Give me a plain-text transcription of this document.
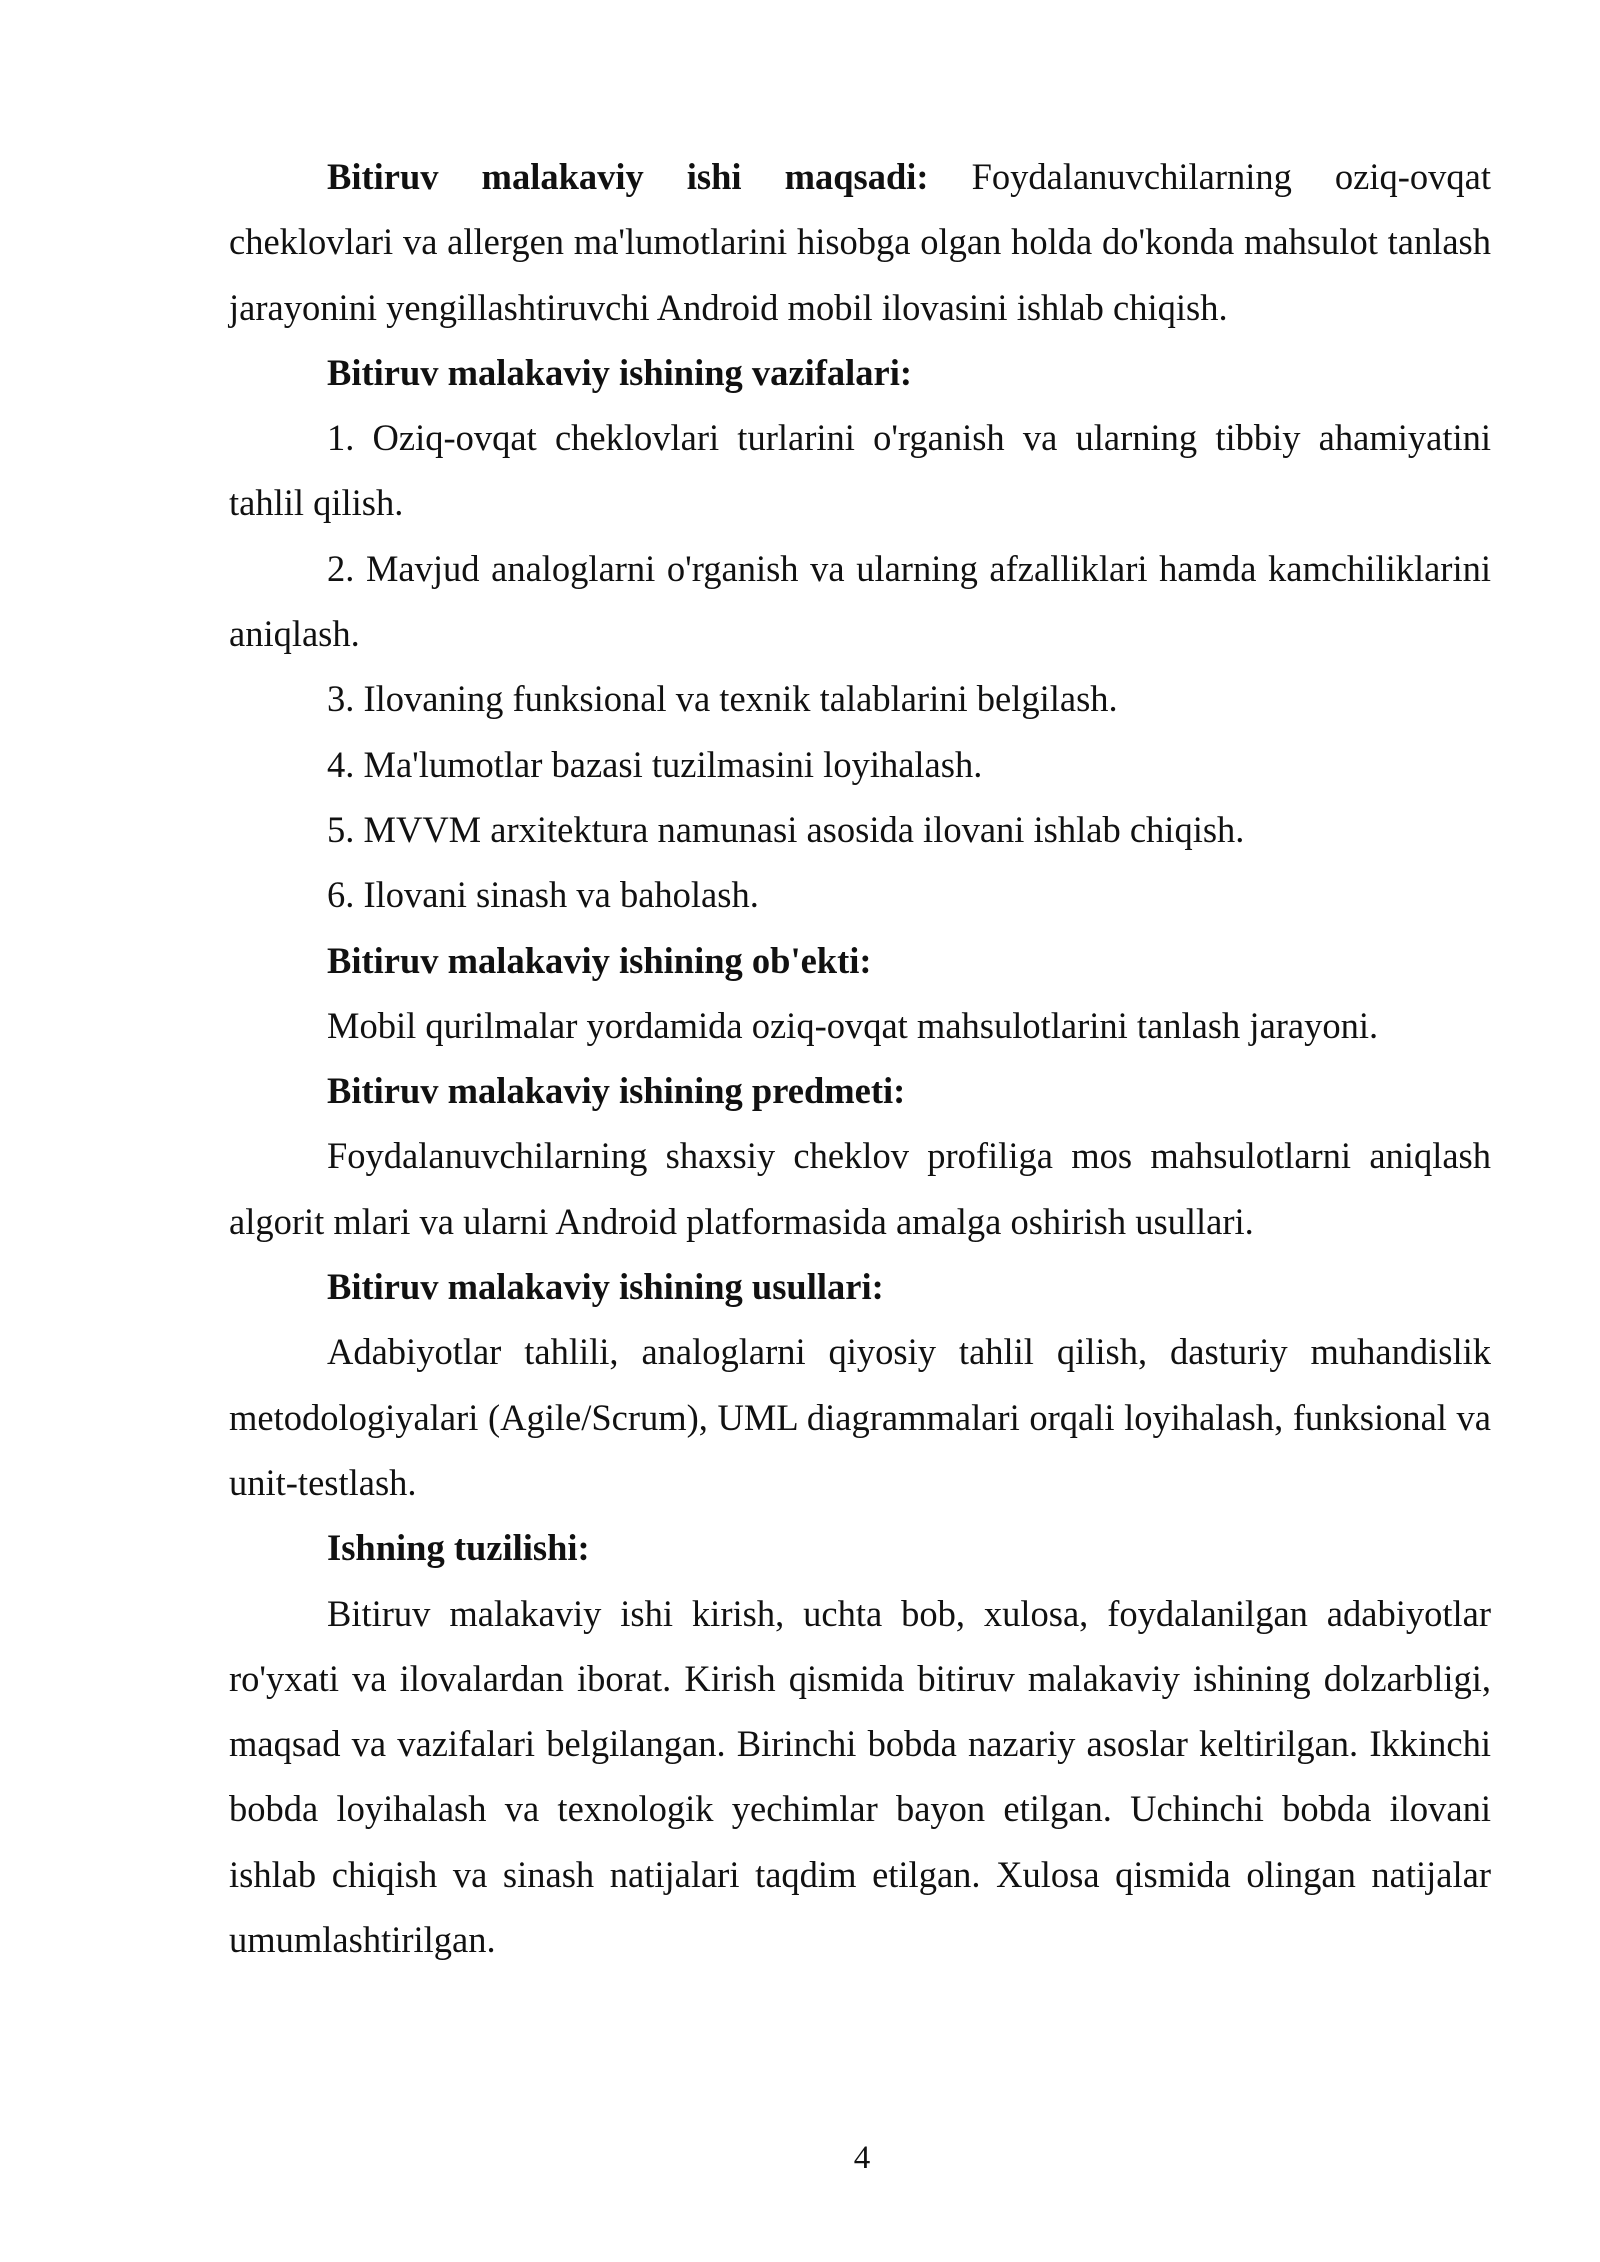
Bitiruv malakaviy ishi maqsadi: Foydalanuvchilarning oziq-ovqat cheklovlari va allergen ma'lumotlarini hisobga olgan holda do'konda mahsulot tanlash jarayonini yengillashtiruvchi Android mobil ilovasini ishlab chiqish.

Bitiruv malakaviy ishining vazifalari:

1. Oziq-ovqat cheklovlari turlarini o'rganish va ularning tibbiy ahamiyatini tahlil qilish.

2. Mavjud analoglarni o'rganish va ularning afzalliklari hamda kamchiliklarini aniqlash.

3. Ilovaning funksional va texnik talablarini belgilash.

4. Ma'lumotlar bazasi tuzilmasini loyihalash.

5. MVVM arxitektura namunasi asosida ilovani ishlab chiqish.

6. Ilovani sinash va baholash.

Bitiruv malakaviy ishining ob'ekti:

Mobil qurilmalar yordamida oziq-ovqat mahsulotlarini tanlash jarayoni.

Bitiruv malakaviy ishining predmeti:

Foydalanuvchilarning shaxsiy cheklov profiliga mos mahsulotlarni aniqlash algorit mlari va ularni Android platformasida amalga oshirish usullari.

Bitiruv malakaviy ishining usullari:

Adabiyotlar tahlili, analoglarni qiyosiy tahlil qilish, dasturiy muhandislik metodologiyalari (Agile/Scrum), UML diagrammalari orqali loyihalash, funksional va unit-testlash.

Ishning tuzilishi:

Bitiruv malakaviy ishi kirish, uchta bob, xulosa, foydalanilgan adabiyotlar ro'yxati va ilovalardan iborat. Kirish qismida bitiruv malakaviy ishining dolzarbligi, maqsad va vazifalari belgilangan. Birinchi bobda nazariy asoslar keltirilgan. Ikkinchi bobda loyihalash va texnologik yechimlar bayon etilgan. Uchinchi bobda ilovani ishlab chiqish va sinash natijalari taqdim etilgan. Xulosa qismida olingan natijalar umumlashtirilgan.

4
